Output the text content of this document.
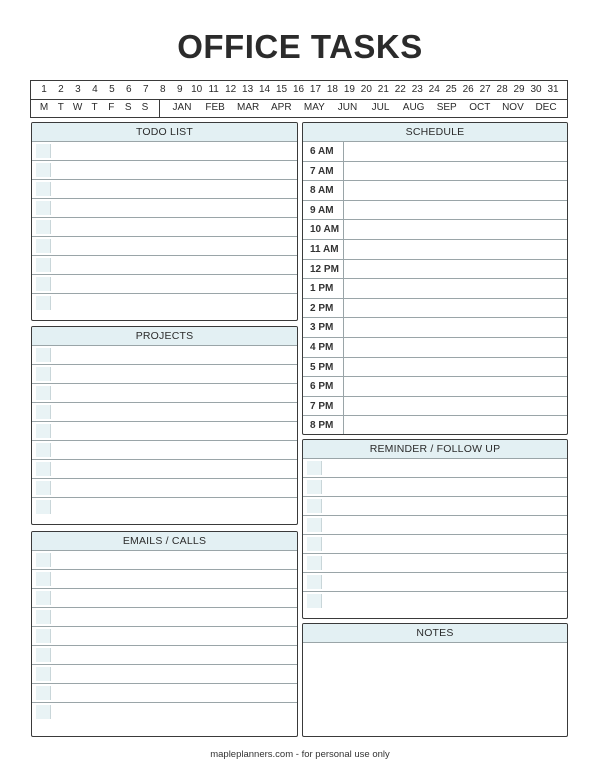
OFFICE TASKS
1	2	3	4	5	6	7	8	9 10 11 12 13 14 15 16 17 18 19 20 21 22 23 24 25 26 27 28 29 30 31
M T W T	F	S	S	JAN	FEB	MAR	APR	MAY	JUN	JUL	AUG	SEP	OCT	NOV	DEC
TODO LIST
PROJECTS
EMAILS / CALLS
SCHEDULE
6 AM
7 AM
8 AM
9 AM
10 AM
11 AM
12 PM
1 PM
2 PM
3 PM
4 PM
5 PM
6 PM
7 PM
8 PM
REMINDER / FOLLOW UP
NOTES
mapleplanners.com - for personal use only
